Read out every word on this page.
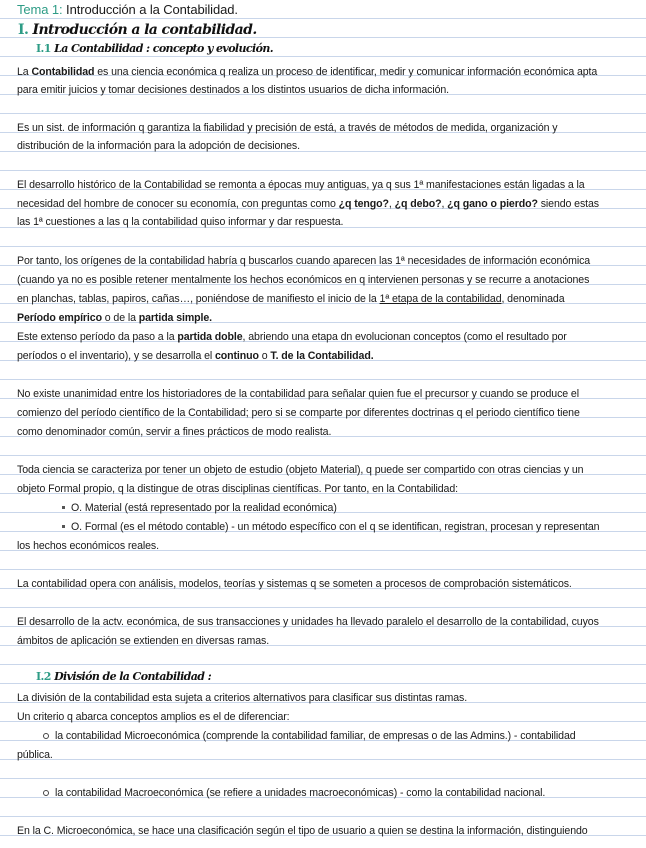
Tema 1: Introducción a la Contabilidad.
I. Introducción a la contabilidad.
I.1 La Contabilidad : concepto y evolución.
La Contabilidad es una ciencia económica q realiza un proceso de identificar, medir y comunicar información económica apta
para emitir juicios y tomar decisiones destinados a los distintos usuarios de dicha información.
Es un sist. de información q garantiza la fiabilidad y precisión de está, a través de métodos de medida, organización y
distribución de la información para la adopción de decisiones.
El desarrollo histórico de la Contabilidad se remonta a épocas muy antiguas, ya q sus 1ª manifestaciones están ligadas a la
necesidad del hombre de conocer su economía, con preguntas como ¿q tengo?, ¿q debo?, ¿q gano o pierdo? siendo estas
las 1ª cuestiones a las q la contabilidad quiso informar y dar respuesta.
Por tanto, los orígenes de la contabilidad habría q buscarlos cuando aparecen las 1ª necesidades de información económica
(cuando ya no es posible retener mentalmente los hechos económicos en q intervienen personas y se recurre a anotaciones
en planchas, tablas, papiros, cañas…, poniéndose de manifiesto el inicio de la 1ª etapa de la contabilidad, denominada
Período empírico o de la partida simple.
Este extenso período da paso a la partida doble, abriendo una etapa dn evolucionan conceptos (como el resultado por
períodos o el inventario), y se desarrolla el continuo o T. de la Contabilidad.
No existe unanimidad entre los historiadores de la contabilidad para señalar quien fue el precursor y cuando se produce el
comienzo del período científico de la Contabilidad; pero si se comparte por diferentes doctrinas q el periodo científico tiene
como denominador común, servir a fines prácticos de modo realista.
Toda ciencia se caracteriza por tener un objeto de estudio (objeto Material), q puede ser compartido con otras ciencias y un
objeto Formal propio, q la distingue de otras disciplinas científicas. Por tanto, en la Contabilidad:
O. Material (está representado por la realidad económica)
O. Formal (es el método contable) - un método específico con el q se identifican, registran, procesan y representan
los hechos económicos reales.
La contabilidad opera con análisis, modelos, teorías y sistemas q se someten a procesos de comprobación sistemáticos.
El desarrollo de la actv. económica, de sus transacciones y unidades ha llevado paralelo el desarrollo de la contabilidad, cuyos
ámbitos de aplicación se extienden en diversas ramas.
I.2 División de la Contabilidad :
La división de la contabilidad esta sujeta a criterios alternativos para clasificar sus distintas ramas.
Un criterio q abarca conceptos amplios es el de diferenciar:
la contabilidad Microeconómica (comprende la contabilidad familiar, de empresas o de las Admins.) - contabilidad
pública.
la contabilidad Macroeconómica (se refiere a unidades macroeconómicas) - como la contabilidad nacional.
En la C. Microeconómica, se hace una clasificación según el tipo de usuario a quien se destina la información, distinguiendo
